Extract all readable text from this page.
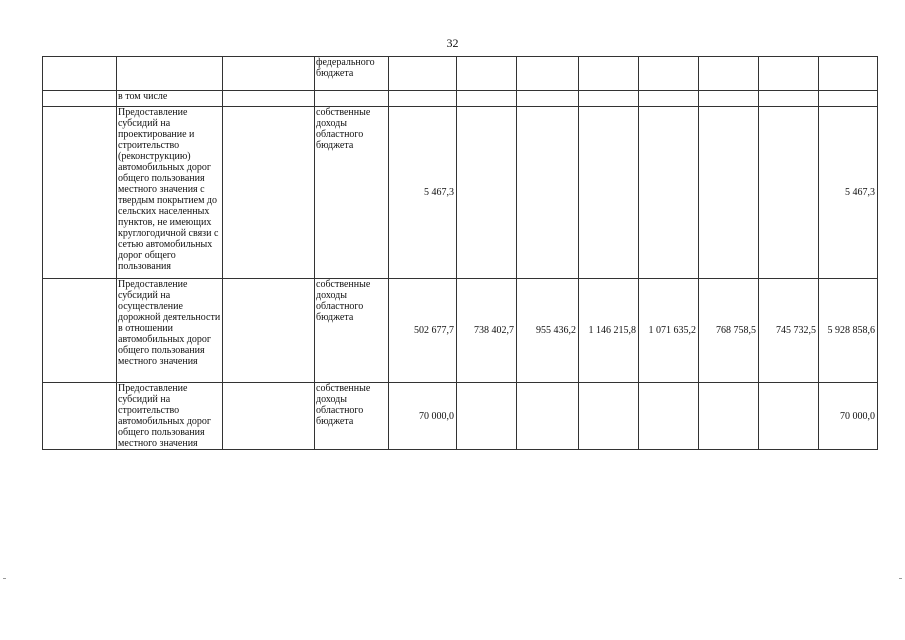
32
			федерального бюджета								
	в том числе										
	Предоставление субсидий на проектирование и строительство (реконструкцию) автомобильных дорог общего пользования местного значения с твердым покрытием до сельских населенных пунктов, не имеющих круглогодичной связи с сетью автомобильных дорог общего пользования		собственные доходы областного бюджета	5 467,3							5 467,3
	Предоставление субсидий на осуществление дорожной деятельности в отношении автомобильных дорог общего пользования местного значения		собственные доходы областного бюджета	502 677,7	738 402,7	955 436,2	1 146 215,8	1 071 635,2	768 758,5	745 732,5	5 928 858,6
	Предоставление субсидий на строительство автомобильных дорог общего пользования местного значения		собственные доходы областного бюджета	70 000,0							70 000,0
